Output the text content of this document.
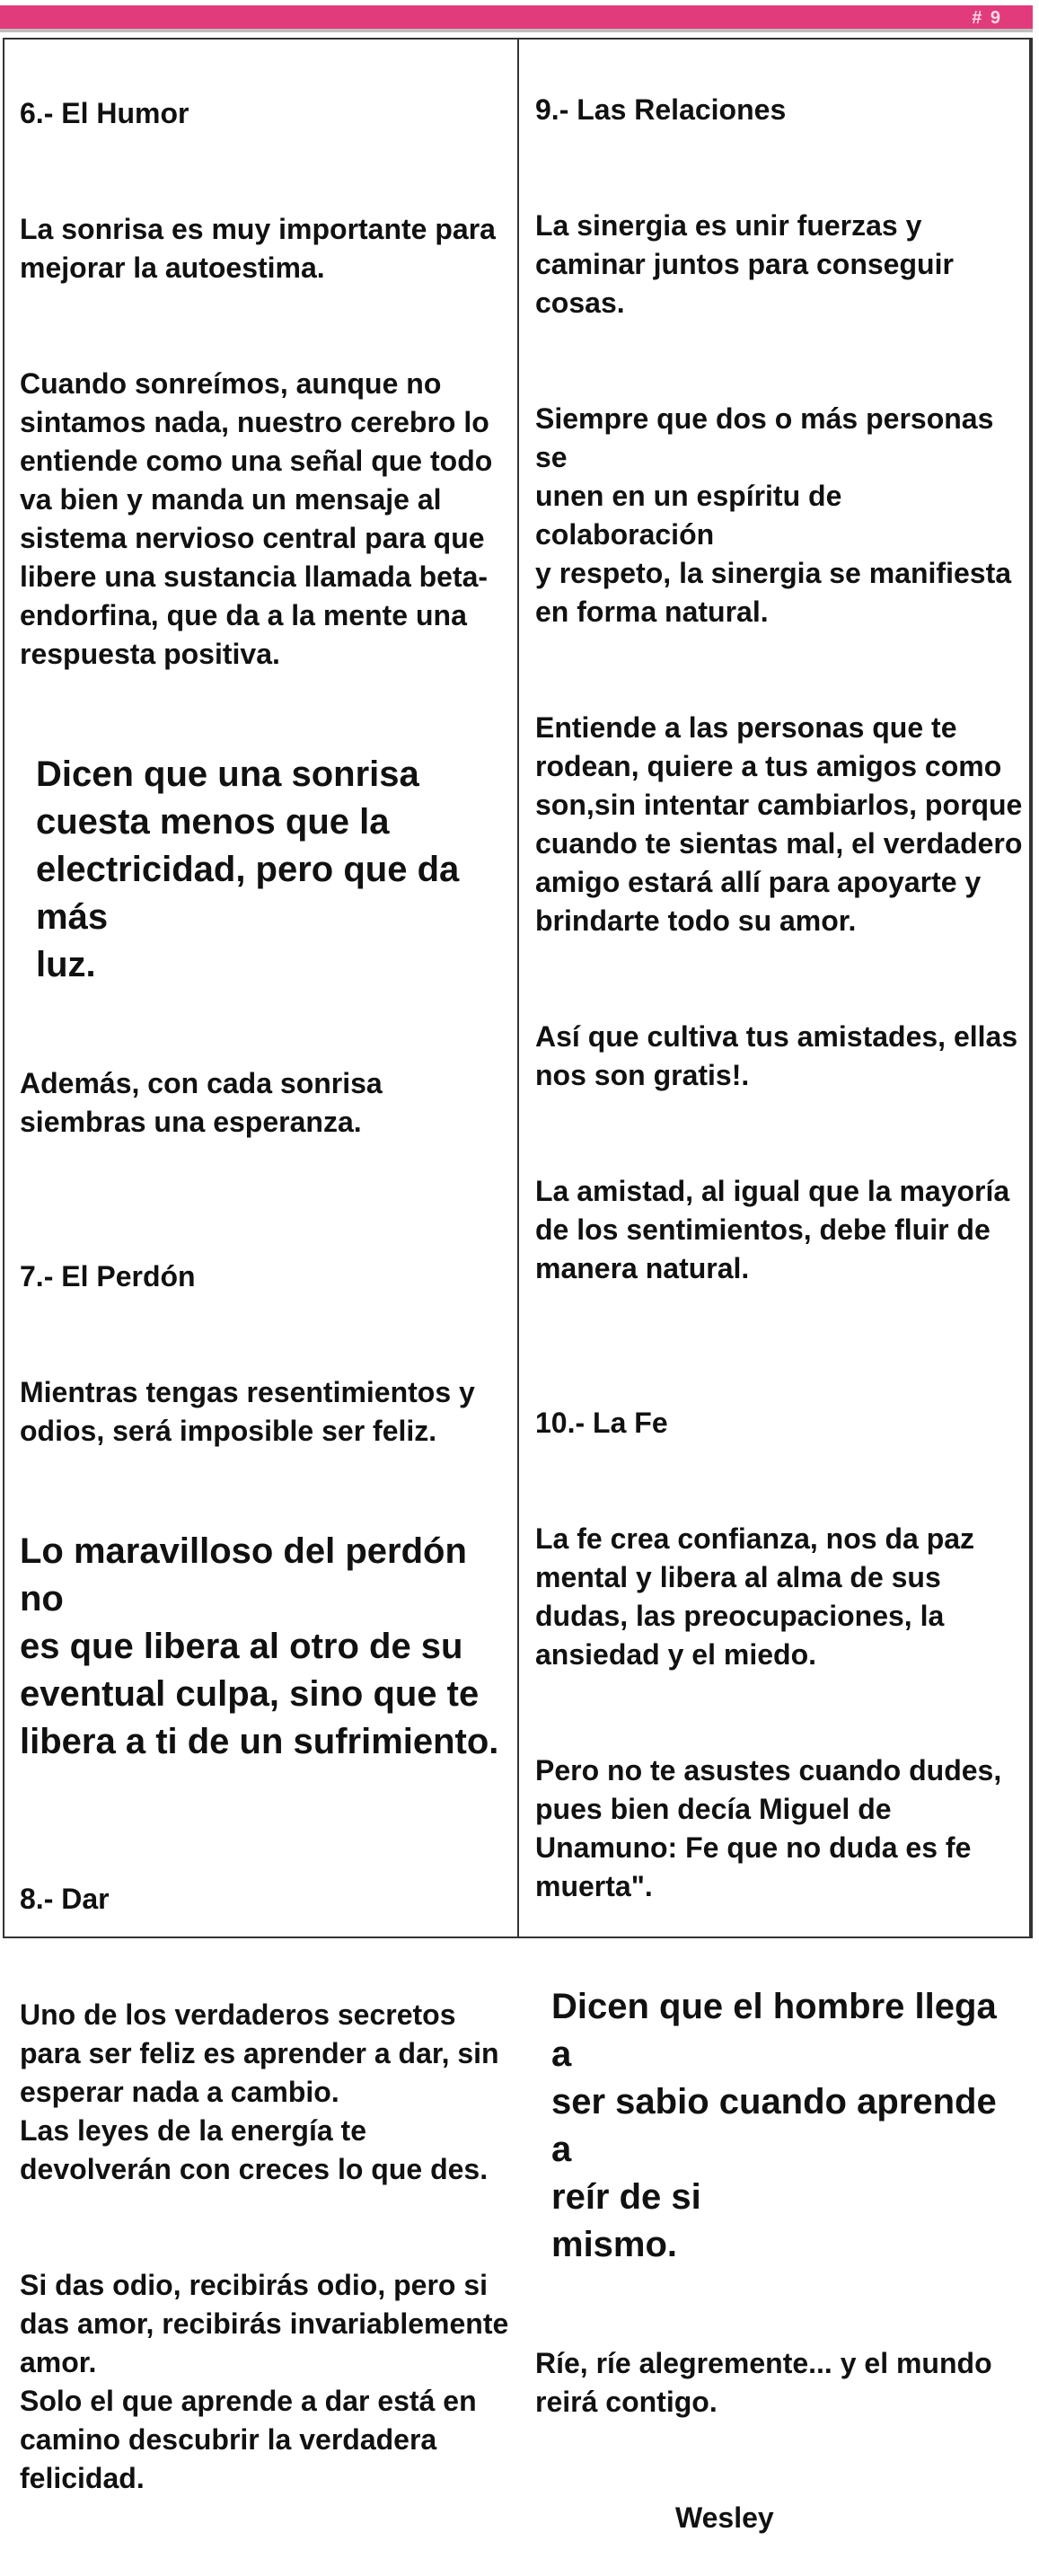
# 9

6.- El Humor

La sonrisa es muy importante para
mejorar la autoestima.

Cuando sonreímos, aunque no
sintamos nada, nuestro cerebro lo
entiende como una señal que todo
va bien y manda un mensaje al
sistema nervioso central para que
libere una sustancia llamada beta-
endorfina, que da a la mente una
respuesta positiva.

Dicen que una sonrisa
cuesta menos que la
electricidad, pero que da más
luz.

Además, con cada sonrisa
siembras una esperanza.

7.- El Perdón

Mientras tengas resentimientos y
odios, será imposible ser feliz.

Lo maravilloso del perdón no
es que libera al otro de su
eventual culpa, sino que te
libera a ti de un sufrimiento.

8.- Dar

Uno de los verdaderos secretos
para ser feliz es aprender a dar, sin
esperar nada a cambio.
Las leyes de la energía te
devolverán con creces lo que des.

Si das odio, recibirás odio, pero si
das amor, recibirás invariablemente
amor.
Solo el que aprende a dar está en
camino descubrir la verdadera
felicidad.

9.- Las Relaciones

La sinergia es unir fuerzas y
caminar juntos para conseguir
cosas.

Siempre que dos o más personas se
unen en un espíritu de colaboración
y respeto, la sinergia se manifiesta
en forma natural.

Entiende a las personas que te
rodean, quiere a tus amigos como
son,sin intentar cambiarlos, porque
cuando te sientas mal, el verdadero
amigo estará allí para apoyarte y
brindarte todo su amor.

Así que cultiva tus amistades, ellas
nos son gratis!.

La amistad, al igual que la mayoría
de los sentimientos, debe fluir de
manera natural.

10.- La Fe

La fe crea confianza, nos da paz
mental y libera al alma de sus
dudas, las preocupaciones, la
ansiedad y el miedo.

Pero no te asustes cuando dudes,
pues bien decía Miguel de
Unamuno: Fe que no duda es fe
muerta".

Dicen que el hombre llega a
ser sabio cuando aprende a
reír de si
mismo.

Ríe, ríe alegremente... y el mundo
reirá contigo.

Wesley
